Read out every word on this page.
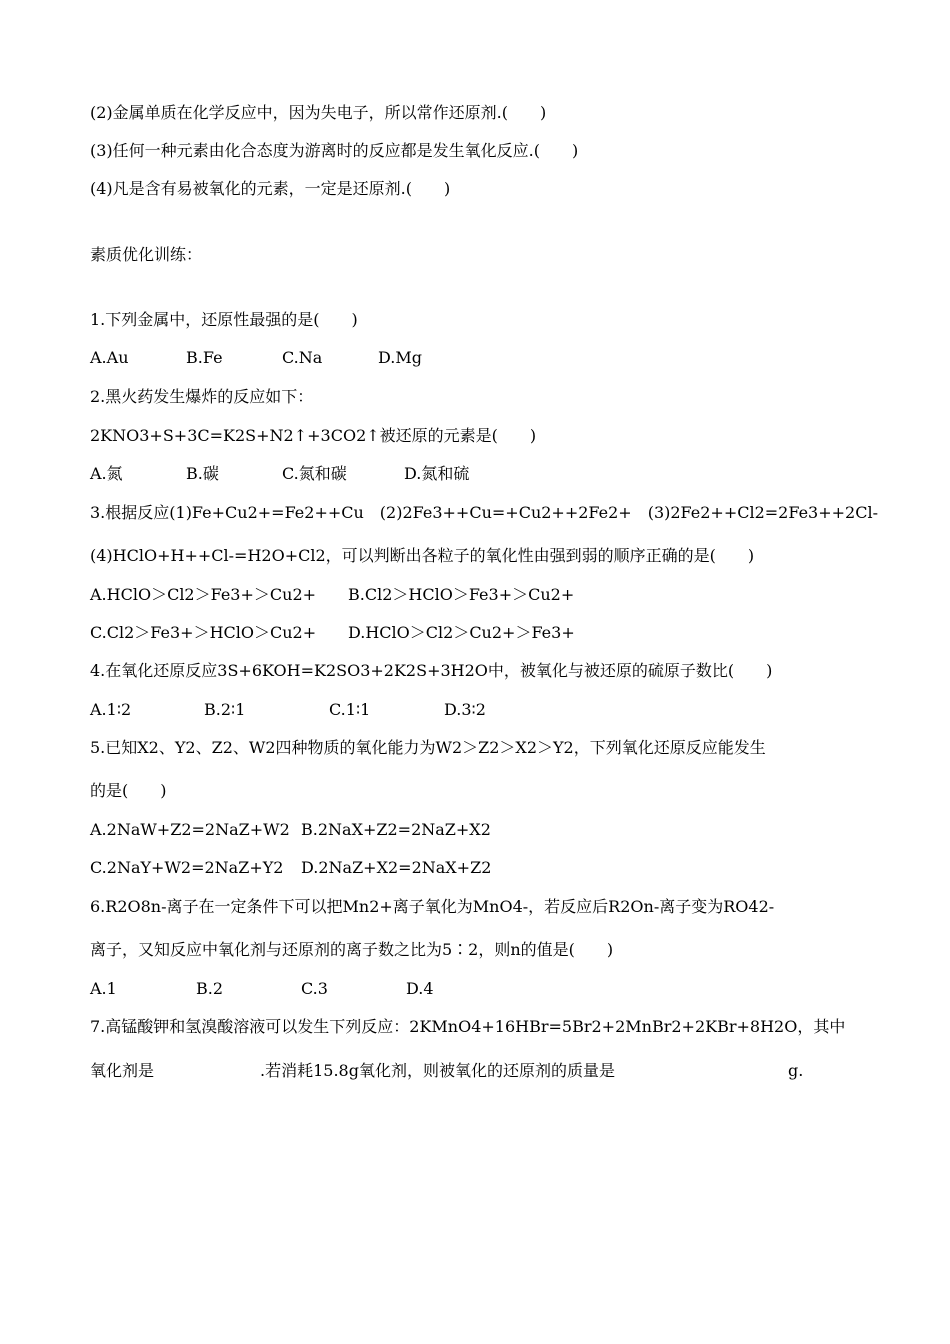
(2)金属单质在化学反应中，因为失电子，所以常作还原剂.(　　)
(3)任何一种元素由化合态度为游离时的反应都是发生氧化反应.(　　)
(4)凡是含有易被氧化的元素，一定是还原剂.(　　)
素质优化训练：
1.下列金属中，还原性最强的是(　　)
A.Au	B.Fe	C.Na	D.Mg
2.黑火药发生爆炸的反应如下：
2KNO3+S+3C=K2S+N2↑+3CO2↑被还原的元素是(　　)
A.氮	B.碳	C.氮和碳	D.氮和硫
3.根据反应(1)Fe+Cu2+=Fe2++Cu　(2)2Fe3++Cu=+Cu2++2Fe2+　(3)2Fe2++Cl2=2Fe3++2Cl-
(4)HClO+H++Cl-=H2O+Cl2，可以判断出各粒子的氧化性由强到弱的顺序正确的是(　　)
A.HClO＞Cl2＞Fe3+＞Cu2+ B.Cl2＞HClO＞Fe3+＞Cu2+
C.Cl2＞Fe3+＞HClO＞Cu2+ D.HClO＞Cl2＞Cu2+＞Fe3+
4.在氧化还原反应3S+6KOH=K2SO3+2K2S+3H2O中，被氧化与被还原的硫原子数比(　　)
A.1∶2	B.2∶1	C.1∶1	D.3∶2
5.已知X2、Y2、Z2、W2四种物质的氧化能力为W2＞Z2＞X2＞Y2，下列氧化还原反应能发生
的是(　　)
A.2NaW+Z2=2NaZ+W2 B.2NaX+Z2=2NaZ+X2
C.2NaY+W2=2NaZ+Y2 D.2NaZ+X2=2NaX+Z2
6.R2O8n-离子在一定条件下可以把Mn2+离子氧化为MnO4-，若反应后R2On-离子变为RO42-
离子，又知反应中氧化剂与还原剂的离子数之比为5∶2，则n的值是(　　)
A.1	B.2	C.3	D.4
7.高锰酸钾和氢溴酸溶液可以发生下列反应：2KMnO4+16HBr=5Br2+2MnBr2+2KBr+8H2O，其中
氧化剂是	.若消耗15.8g氧化剂，则被氧化的还原剂的质量是	g.
